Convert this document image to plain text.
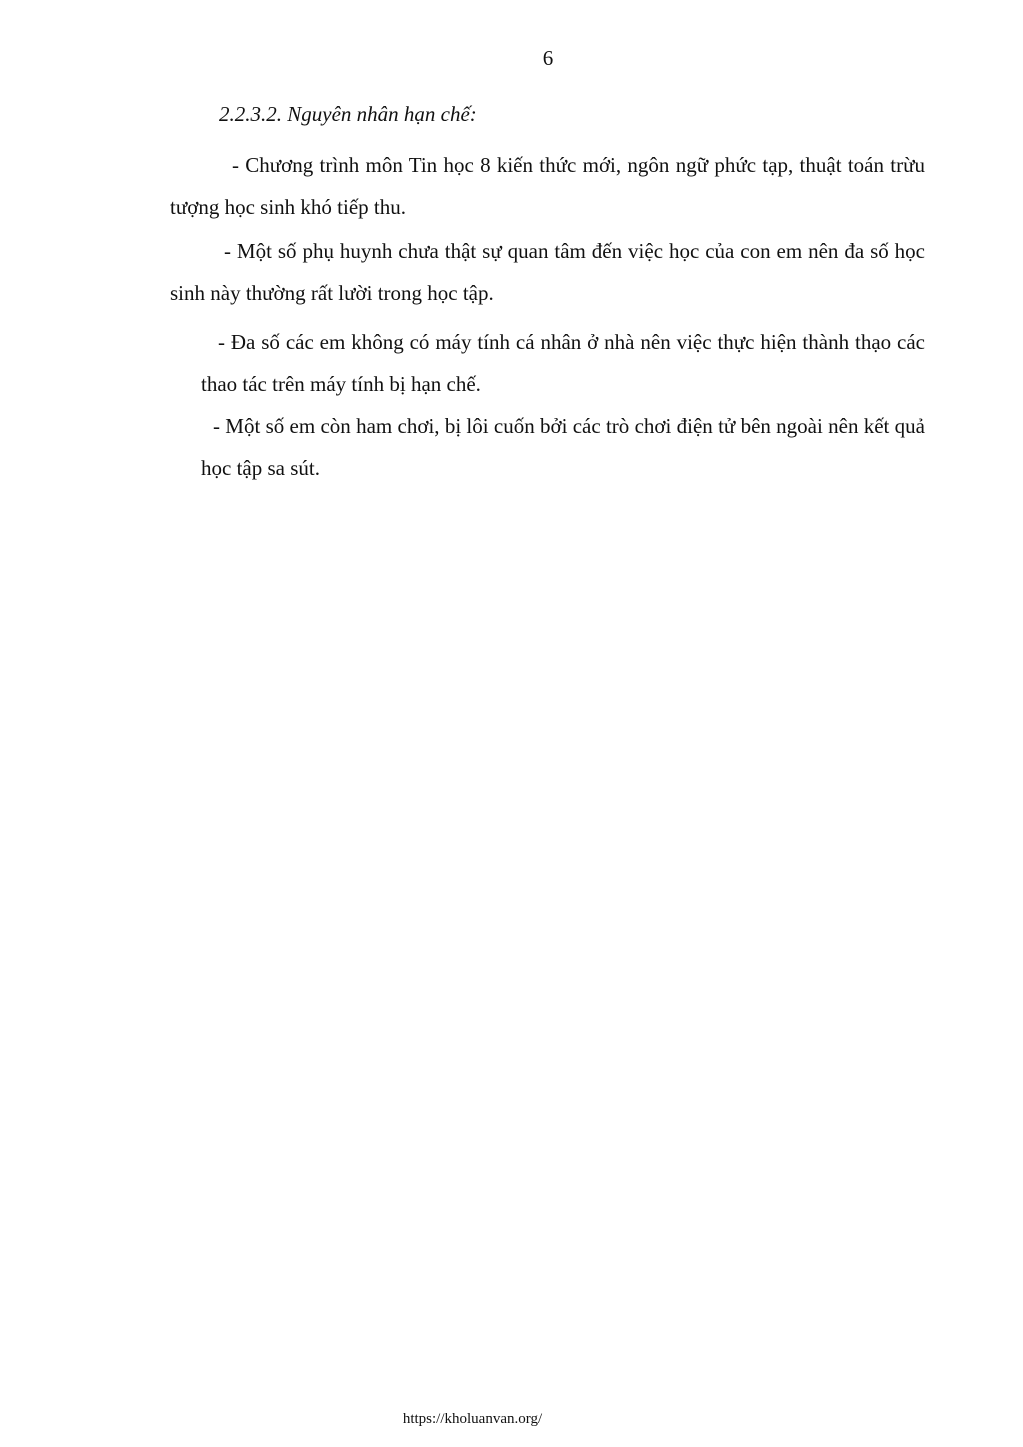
6
2.2.3.2. Nguyên nhân hạn chế:
- Chương trình môn Tin học 8 kiến thức mới, ngôn ngữ phức tạp, thuật toán trừu tượng học sinh khó tiếp thu.
- Một số phụ huynh chưa thật sự quan tâm đến việc học của con em nên đa số học sinh này thường rất lười trong học tập.
- Đa số các em không có máy tính cá nhân ở nhà nên việc thực hiện thành thạo các thao tác trên máy tính bị hạn chế.
- Một số em còn ham chơi, bị lôi cuốn bởi các trò chơi điện tử bên ngoài nên kết quả học tập sa sút.
https://kholuanvan.org/
